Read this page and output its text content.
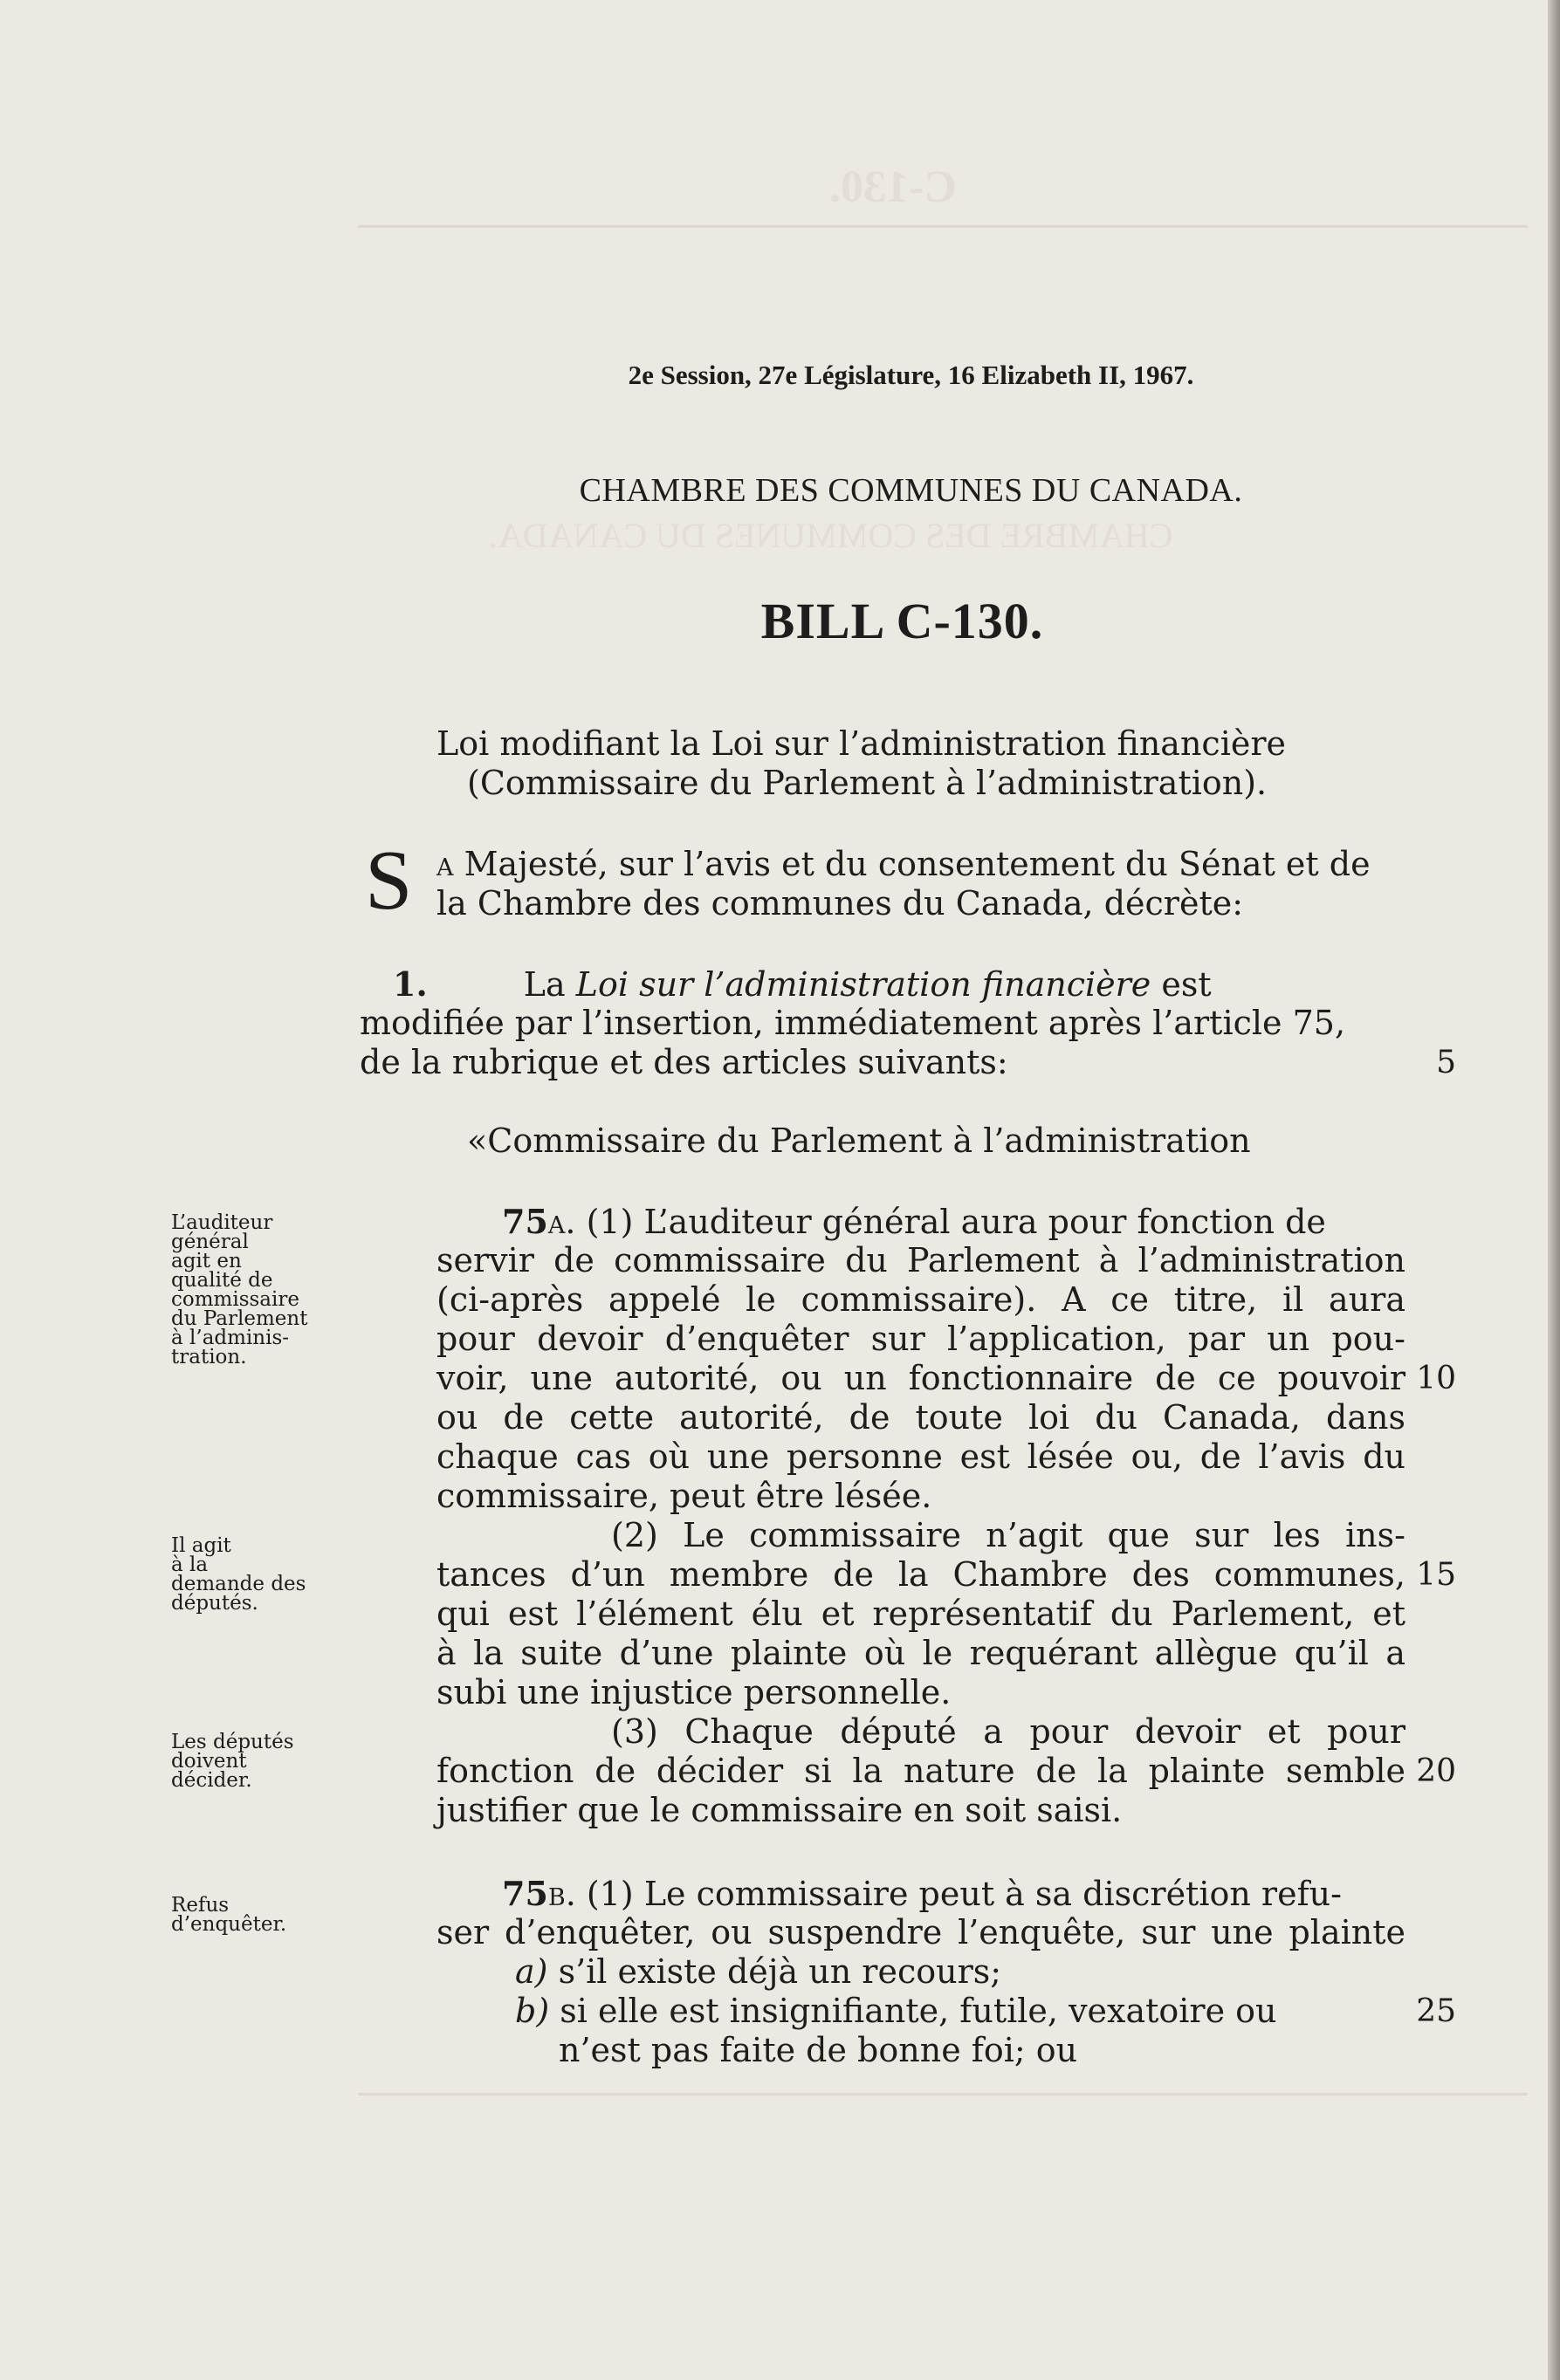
C-130.
CHAMBRE DES COMMUNES DU CANADA.
2e Session, 27e Législature, 16 Elizabeth II, 1967.
CHAMBRE DES COMMUNES DU CANADA.
BILL C-130.
Loi modifiant la Loi sur l’administration financière
(Commissaire du Parlement à l’administration).
S a Majesté, sur l’avis et du consentement du Sénat et de
la Chambre des communes du Canada, décrète:
1.	La Loi sur l’administration financière est
modifiée par l’insertion, immédiatement après l’article 75,
de la rubrique et des articles suivants:	5
«Commissaire du Parlement à l’administration
75a. (1) L’auditeur général aura pour fonction de
servir de commissaire du Parlement à l’administration
(ci-après appelé le commissaire). A ce titre, il aura
pour devoir d’enquêter sur l’application, par un pou-
voir, une autorité, ou un fonctionnaire de ce pouvoir
ou de cette autorité, de toute loi du Canada, dans
chaque cas où une personne est lésée ou, de l’avis du
commissaire, peut être lésée.
(2) Le commissaire n’agit que sur les ins-
tances d’un membre de la Chambre des communes,
qui est l’élément élu et représentatif du Parlement, et
à la suite d’une plainte où le requérant allègue qu’il a
subi une injustice personnelle.
(3) Chaque député a pour devoir et pour
fonction de décider si la nature de la plainte semble
justifier que le commissaire en soit saisi.
10
15
20
75b. (1) Le commissaire peut à sa discrétion refu-
ser d’enquêter, ou suspendre l’enquête, sur une plainte
a) s’il existe déjà un recours;
b) si elle est insignifiante, futile, vexatoire ou
n’est pas faite de bonne foi; ou
25
L’auditeur
général
agit en
qualité de
commissaire
du Parlement
à l’adminis-
tration.
Il agit
à la
demande des
députés.
Les députés
doivent
décider.
Refus
d’enquêter.
